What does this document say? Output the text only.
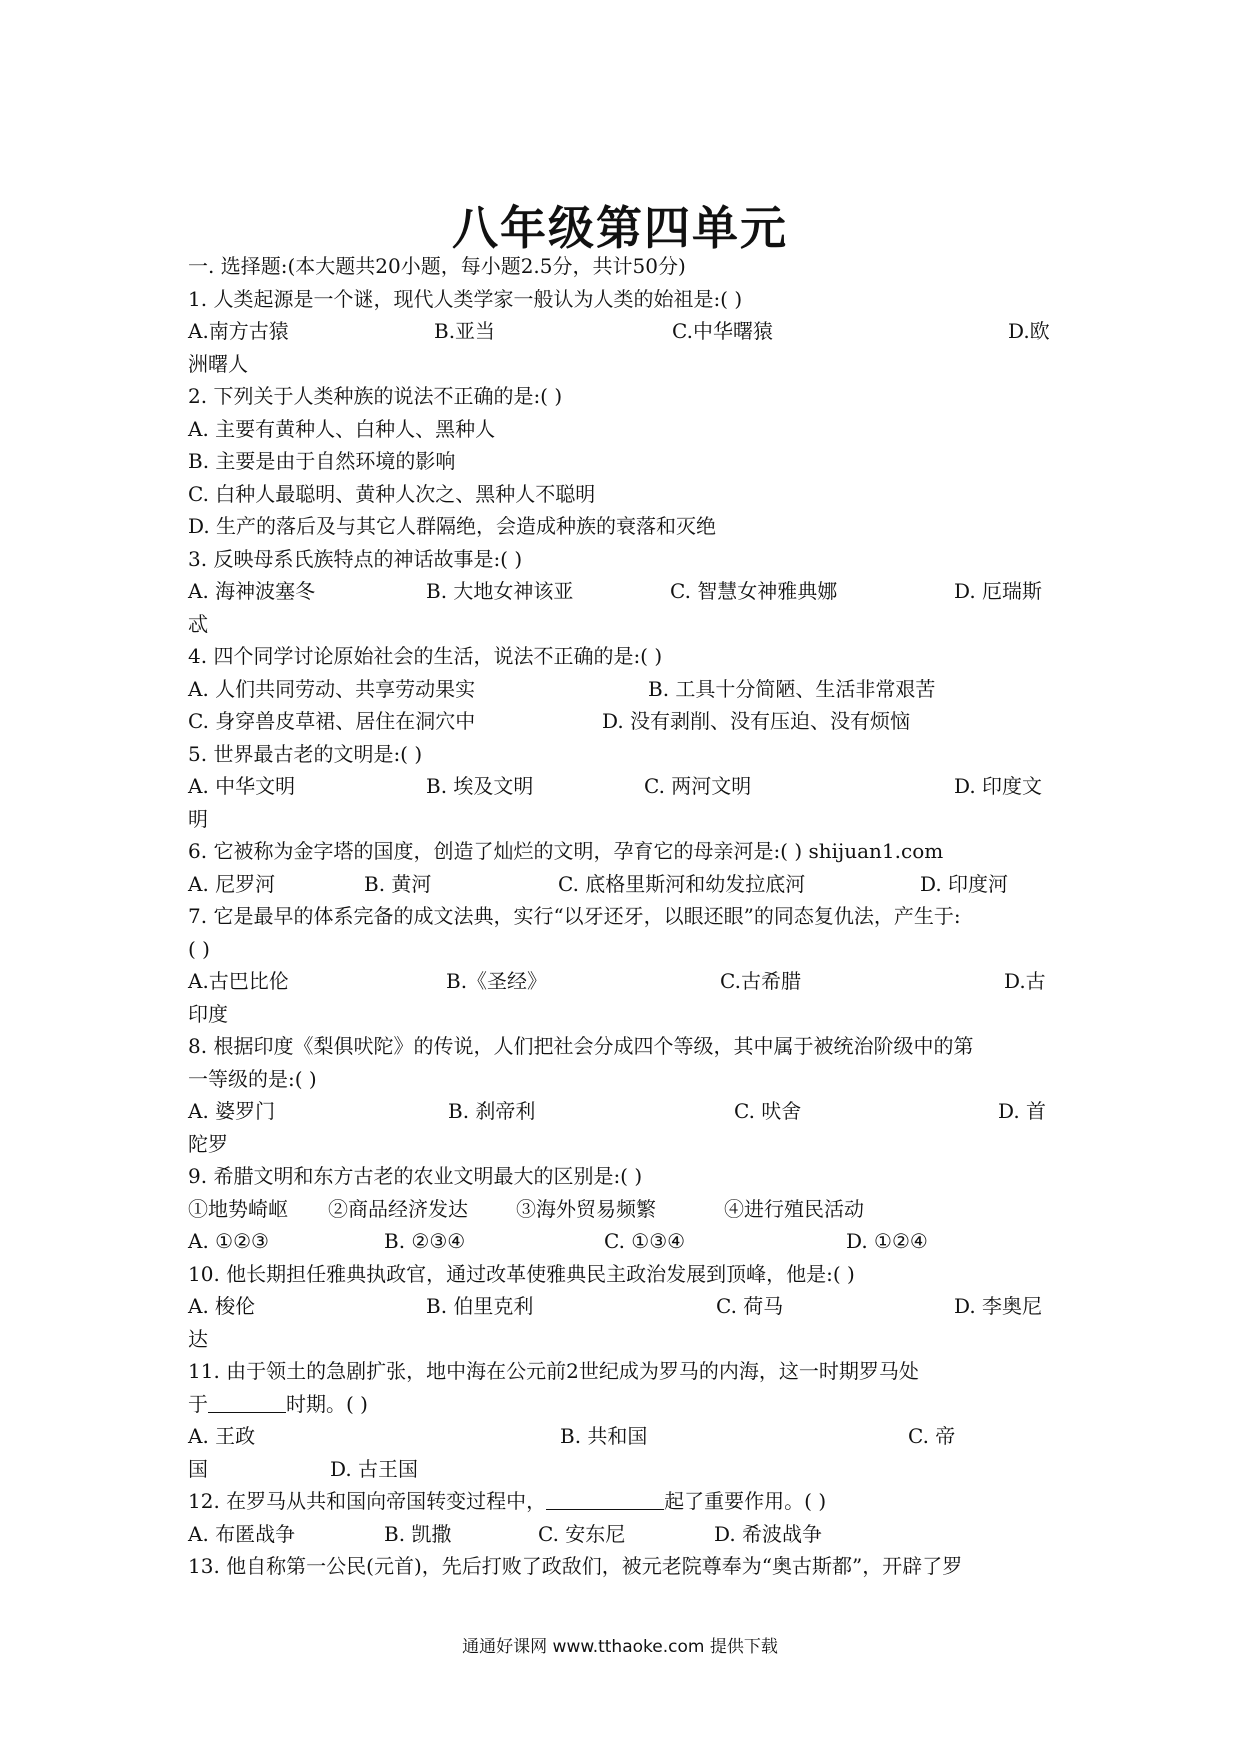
八年级第四单元
一. 选择题:(本大题共20小题，每小题2.5分，共计50分)
1. 人类起源是一个谜，现代人类学家一般认为人类的始祖是:( )
A.南方古猿	B.亚当	C.中华曙猿	D.欧
洲曙人
2. 下列关于人类种族的说法不正确的是:( )
A. 主要有黄种人、白种人、黑种人
B. 主要是由于自然环境的影响
C. 白种人最聪明、黄种人次之、黑种人不聪明
D. 生产的落后及与其它人群隔绝，会造成种族的衰落和灭绝
3. 反映母系氏族特点的神话故事是:( )
A. 海神波塞冬	B. 大地女神该亚	C. 智慧女神雅典娜	D. 厄瑞斯
忒
4. 四个同学讨论原始社会的生活，说法不正确的是:( )
A. 人们共同劳动、共享劳动果实	B. 工具十分简陋、生活非常艰苦
C. 身穿兽皮草裙、居住在洞穴中	D. 没有剥削、没有压迫、没有烦恼
5. 世界最古老的文明是:( )
A. 中华文明	B. 埃及文明	C. 两河文明	D. 印度文
明
6. 它被称为金字塔的国度，创造了灿烂的文明，孕育它的母亲河是:( ) shijuan1.com
A. 尼罗河	B. 黄河	C. 底格里斯河和幼发拉底河	D. 印度河
7. 它是最早的体系完备的成文法典，实行“以牙还牙，以眼还眼”的同态复仇法，产生于:
( )
A.古巴比伦	B.《圣经》	C.古希腊	D.古
印度
8. 根据印度《梨俱吠陀》的传说，人们把社会分成四个等级，其中属于被统治阶级中的第
一等级的是:( )
A. 婆罗门	B. 刹帝利	C. 吠舍	D. 首
陀罗
9. 希腊文明和东方古老的农业文明最大的区别是:( )
①地势崎岖 ②商品经济发达 ③海外贸易频繁	④进行殖民活动
A. ①②③	B. ②③④	C. ①③④	D. ①②④
10. 他长期担任雅典执政官，通过改革使雅典民主政治发展到顶峰，他是:( )
A. 梭伦	B. 伯里克利	C. 荷马	D. 李奥尼
达
11. 由于领土的急剧扩张，地中海在公元前2世纪成为罗马的内海，这一时期罗马处
于	时期。( )
A. 王政	B. 共和国	C. 帝
国	D. 古王国
12. 在罗马从共和国向帝国转变过程中，	起了重要作用。( )
A. 布匿战争	B. 凯撒	C. 安东尼	D. 希波战争
13. 他自称第一公民(元首)，先后打败了政敌们，被元老院尊奉为“奥古斯都”，开辟了罗
通通好课网 www.tthaoke.com 提供下载
